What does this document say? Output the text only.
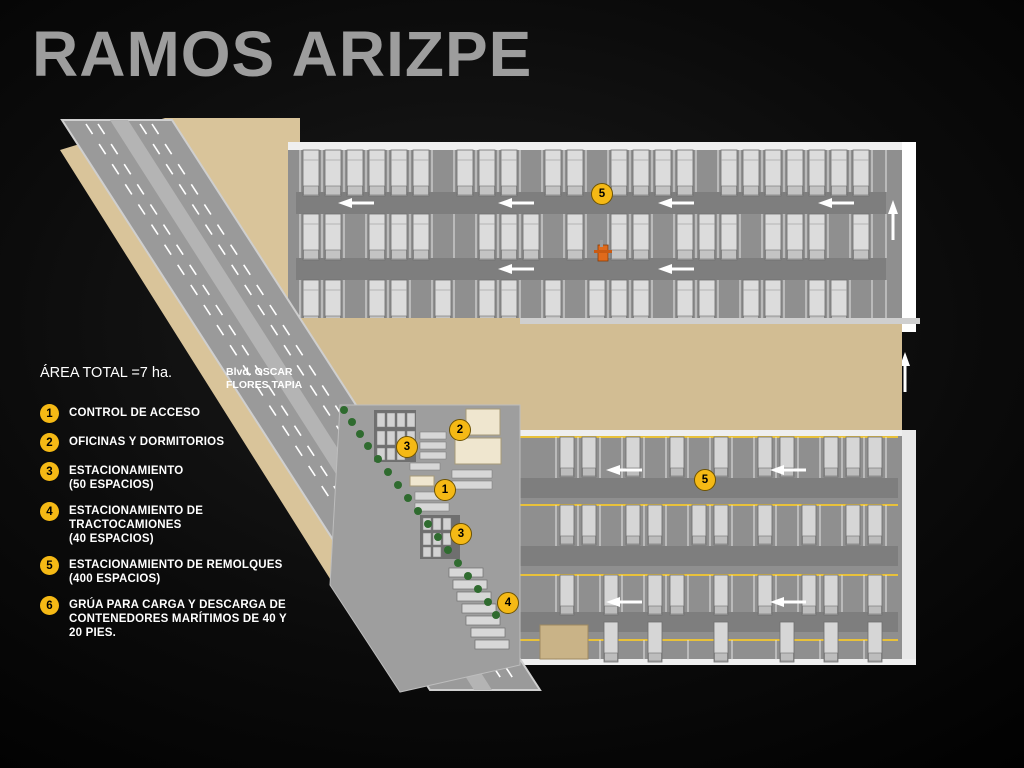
Blvd. OSCAR
FLORES TAPIA
5
2
3
1
3
5
4
RAMOS ARIZPE
ÁREA TOTAL =7 ha.
1	CONTROL DE ACCESO
2	OFICINAS Y DORMITORIOS
3	ESTACIONAMIENTO
(50 ESPACIOS)
4	ESTACIONAMIENTO DE TRACTOCAMIONES
(40 ESPACIOS)
5	ESTACIONAMIENTO DE REMOLQUES
(400 ESPACIOS)
6	GRÚA PARA CARGA Y DESCARGA DE CONTENEDORES MARÍTIMOS DE 40 Y 20 PIES.
